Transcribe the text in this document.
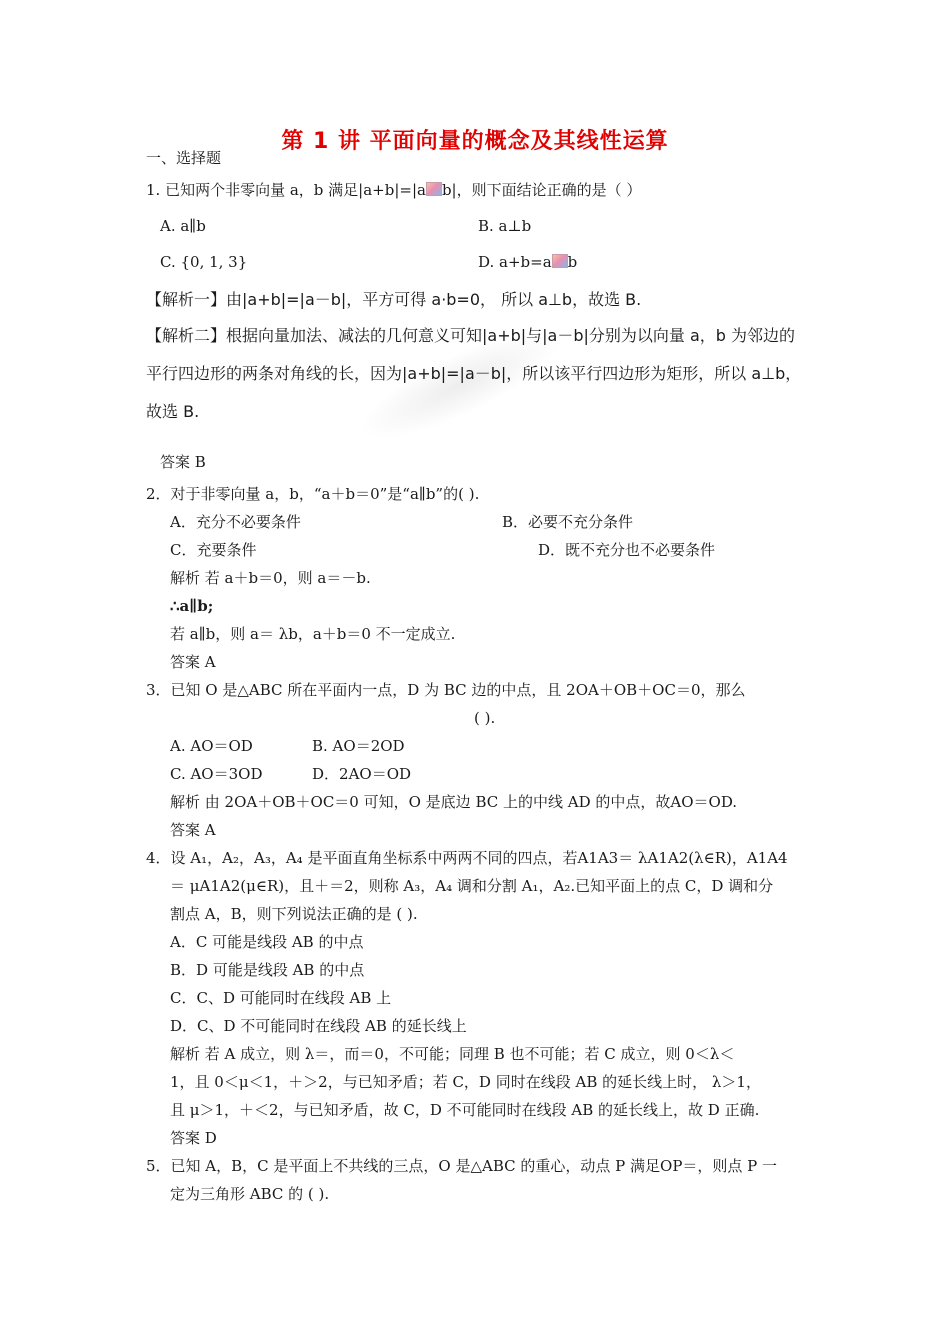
第 1 讲 平面向量的概念及其线性运算
一、选择题
1. 已知两个非零向量 a，b 满足|a+b|=|a b|，则下面结论正确的是（ ）
A. a∥b	B. a⊥b
C. {0, 1, 3}	D. a+b=a b
【解析一】由|a+b|=|a－b|，平方可得 a·b=0， 所以 a⊥b，故选 B.
【解析二】根据向量加法、减法的几何意义可知|a+b|与|a－b|分别为以向量 a，b 为邻边的
平行四边形的两条对角线的长，因为|a+b|=|a－b|，所以该平行四边形为矩形，所以 a⊥b，
故选 B.
答案 B
2．对于非零向量 a，b，“a＋b＝0”是“a∥b”的( ).
A．充分不必要条件	B．必要不充分条件
C．充要条件	D．既不充分也不必要条件
解析 若 a＋b＝0，则 a＝－b.
∴a∥b;
若 a∥b，则 a＝ λb，a＋b＝0 不一定成立.
答案 A
3．已知 O 是△ABC 所在平面内一点，D 为 BC 边的中点，且 2OA＋OB＋OC＝0，那么
( ).
A. AO＝OD	B. AO＝2OD
C. AO＝3OD	D．2AO＝OD
解析 由 2OA＋OB＋OC＝0 可知，O 是底边 BC 上的中线 AD 的中点，故AO＝OD.
答案 A
4．设 A₁，A₂，A₃，A₄ 是平面直角坐标系中两两不同的四点，若A1A3＝ λA1A2(λ∈R)，A1A4
＝ μA1A2(μ∈R)，且＋＝2，则称 A₃，A₄ 调和分割 A₁，A₂.已知平面上的点 C，D 调和分
割点 A，B，则下列说法正确的是 ( ).
A．C 可能是线段 AB 的中点
B．D 可能是线段 AB 的中点
C．C、D 可能同时在线段 AB 上
D．C、D 不可能同时在线段 AB 的延长线上
解析 若 A 成立，则 λ＝，而＝0，不可能；同理 B 也不可能；若 C 成立，则 0＜λ＜
1，且 0＜μ＜1，＋＞2，与已知矛盾；若 C，D 同时在线段 AB 的延长线上时， λ＞1，
且 μ＞1，＋＜2，与已知矛盾，故 C，D 不可能同时在线段 AB 的延长线上，故 D 正确.
答案 D
5．已知 A，B，C 是平面上不共线的三点，O 是△ABC 的重心，动点 P 满足OP＝，则点 P 一
定为三角形 ABC 的 ( ).
